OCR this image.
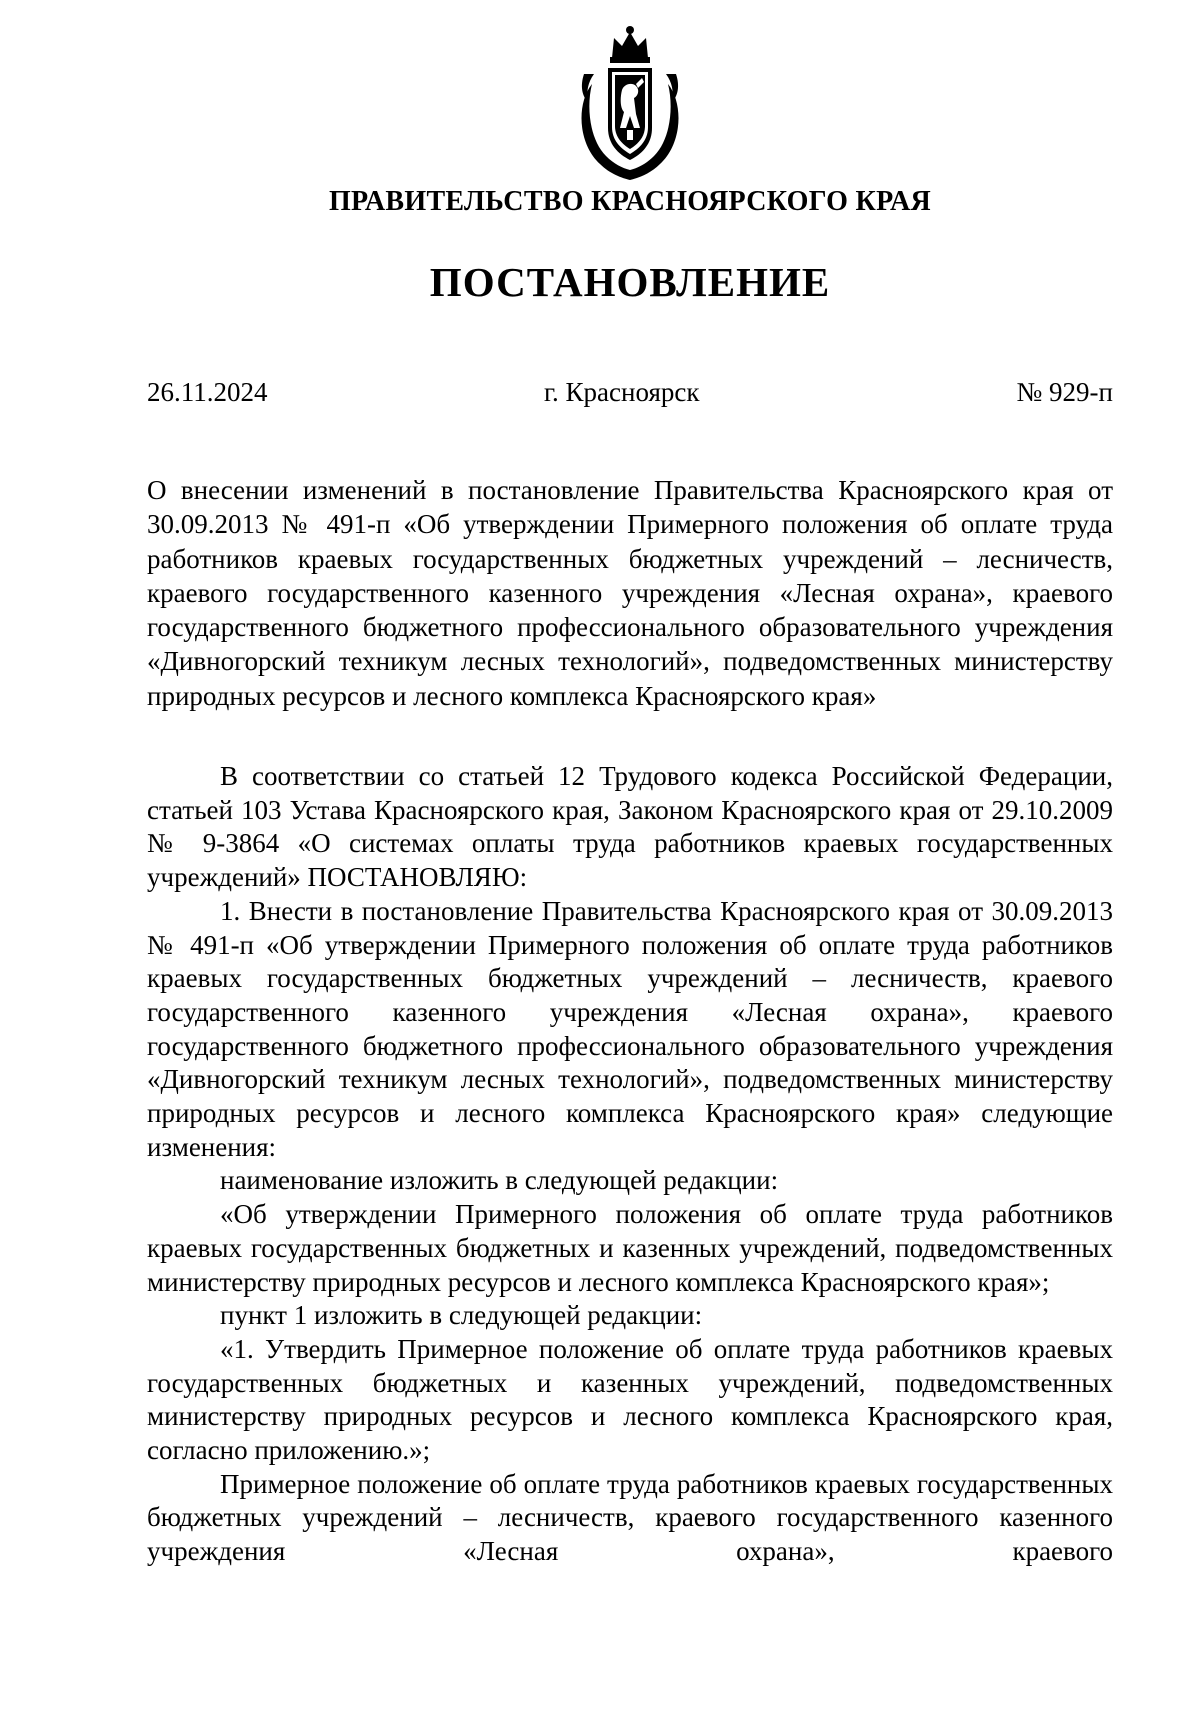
ПРАВИТЕЛЬСТВО КРАСНОЯРСКОГО КРАЯ
ПОСТАНОВЛЕНИЕ
26.11.2024	г. Красноярск	№ 929-п
О внесении изменений в постановление Правительства Красноярского края от 30.09.2013 № 491-п «Об утверждении Примерного положения об оплате труда работников краевых государственных бюджетных учреждений – лесничеств, краевого государственного казенного учреждения «Лесная охрана», краевого государственного бюджетного профессионального образовательного учреждения «Дивногорский техникум лесных технологий», подведомственных министерству природных ресурсов и лесного комплекса Красноярского края»

В соответствии со статьей 12 Трудового кодекса Российской Федерации, статьей 103 Устава Красноярского края, Законом Красноярского края от 29.10.2009 № 9-3864 «О системах оплаты труда работников краевых государственных учреждений» ПОСТАНОВЛЯЮ:

1. Внести в постановление Правительства Красноярского края от 30.09.2013 № 491-п «Об утверждении Примерного положения об оплате труда работников краевых государственных бюджетных учреждений – лесничеств, краевого государственного казенного учреждения «Лесная охрана», краевого государственного бюджетного профессионального образовательного учреждения «Дивногорский техникум лесных технологий», подведомственных министерству природных ресурсов и лесного комплекса Красноярского края» следующие изменения:

наименование изложить в следующей редакции:

«Об утверждении Примерного положения об оплате труда работников краевых государственных бюджетных и казенных учреждений, подведомственных министерству природных ресурсов и лесного комплекса Красноярского края»;

пункт 1 изложить в следующей редакции:

«1. Утвердить Примерное положение об оплате труда работников краевых государственных бюджетных и казенных учреждений, подведомственных министерству природных ресурсов и лесного комплекса Красноярского края, согласно приложению.»;

Примерное положение об оплате труда работников краевых государственных бюджетных учреждений – лесничеств, краевого государственного казенного учреждения «Лесная охрана», краевого
